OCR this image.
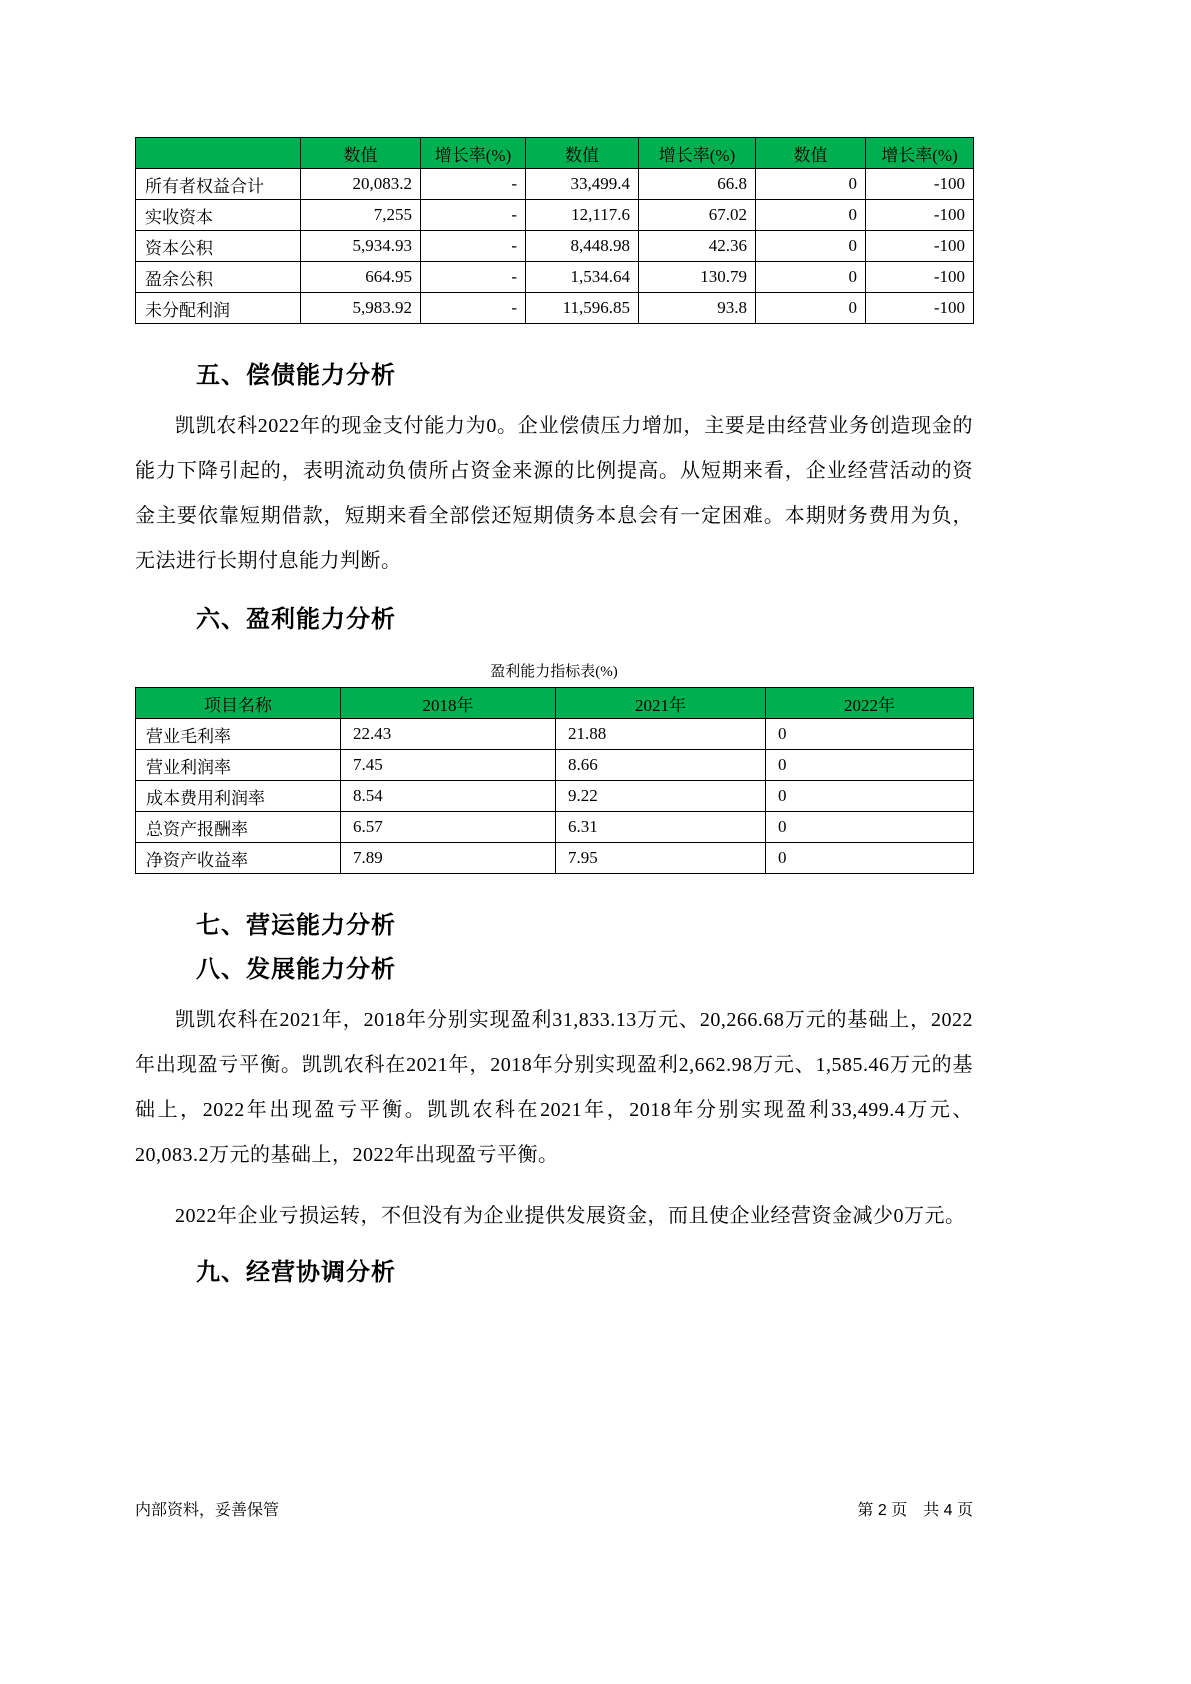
	数值	增长率(%)	数值	增长率(%)	数值	增长率(%)
所有者权益合计	20,083.2	-	33,499.4	66.8	0	-100
实收资本	7,255	-	12,117.6	67.02	0	-100
资本公积	5,934.93	-	8,448.98	42.36	0	-100
盈余公积	664.95	-	1,534.64	130.79	0	-100
未分配利润	5,983.92	-	11,596.85	93.8	0	-100
五、偿债能力分析

凯凯农科2022年的现金支付能力为0。企业偿债压力增加，主要是由经营业务创造现金的能力下降引起的，表明流动负债所占资金来源的比例提高。从短期来看，企业经营活动的资金主要依靠短期借款，短期来看全部偿还短期债务本息会有一定困难。本期财务费用为负，无法进行长期付息能力判断。

六、盈利能力分析
盈利能力指标表(%)
项目名称	2018年	2021年	2022年
营业毛利率	22.43	21.88	0
营业利润率	7.45	8.66	0
成本费用利润率	8.54	9.22	0
总资产报酬率	6.57	6.31	0
净资产收益率	7.89	7.95	0
七、营运能力分析
八、发展能力分析

凯凯农科在2021年，2018年分别实现盈利31,833.13万元、20,266.68万元的基础上，2022年出现盈亏平衡。凯凯农科在2021年，2018年分别实现盈利2,662.98万元、1,585.46万元的基础上，2022年出现盈亏平衡。凯凯农科在2021年，2018年分别实现盈利33,499.4万元、20,083.2万元的基础上，2022年出现盈亏平衡。

2022年企业亏损运转，不但没有为企业提供发展资金，而且使企业经营资金减少0万元。

九、经营协调分析
内部资料，妥善保管	第 2 页　共 4 页
